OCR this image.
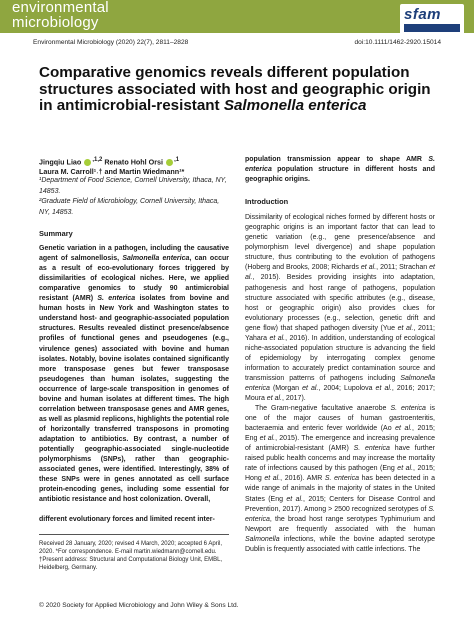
environmental
microbiology	sfam
Environmental Microbiology (2020) 22(7), 2811–2828	doi:10.1111/1462-2920.15014
Comparative genomics reveals different population structures associated with host and geographic origin in antimicrobial-resistant Salmonella enterica
Jingqiu Liao $^{,1,2}$ Renato Hohl Orsi $^{,1}$
Laura M. Carroll¹˒† and Martin Wiedmann¹*
¹Department of Food Science, Cornell University, Ithaca, NY, 14853.
²Graduate Field of Microbiology, Cornell University, Ithaca, NY, 14853.

Summary

Genetic variation in a pathogen, including the causative agent of salmonellosis, Salmonella enterica, can occur as a result of eco-evolutionary forces triggered by dissimilarities of ecological niches. Here, we applied comparative genomics to study 90 antimicrobial resistant (AMR) S. enterica isolates from bovine and human hosts in New York and Washington states to understand host- and geographic-associated population structures. Results revealed distinct presence/absence profiles of functional genes and pseudogenes (e.g., virulence genes) associated with bovine and human isolates. Notably, bovine isolates contained significantly more transposase genes but fewer transposase pseudogenes than human isolates, suggesting the occurrence of large-scale transposition in genomes of bovine and human isolates at different times. The high correlation between transposase genes and AMR genes, as well as plasmid replicons, highlights the potential role of horizontally transferred transposons in promoting adaptation to antibiotics. By contrast, a number of potentially geographic-associated single-nucleotide polymorphisms (SNPs), rather than geographic-associated genes, were identified. Interestingly, 38% of these SNPs were in genes annotated as cell surface protein-encoding genes, including some essential for antibiotic resistance and host colonization. Overall,

different evolutionary forces and limited recent inter-
Received 28 January, 2020; revised 4 March, 2020; accepted 6 April, 2020. *For correspondence. E-mail martin.wiedmann@cornell.edu. †Present address: Structural and Computational Biology Unit, EMBL, Heidelberg, Germany.
© 2020 Society for Applied Microbiology and John Wiley & Sons Ltd.

population transmission appear to shape AMR S. enterica population structure in different hosts and geographic origins.

Introduction

Dissimilarity of ecological niches formed by different hosts or geographic origins is an important factor that can lead to genetic variation (e.g., gene presence/absence and polymorphism level divergence) and shape population structure, thus contributing to the evolution of pathogens (Hoberg and Brooks, 2008; Richards et al., 2011; Strachan et al., 2015). Besides providing insights into adaptation, pathogenesis and host range of pathogens, population structure associated with specific attributes (e.g., disease, host or geographic origin) also provides clues for evolutionary processes (e.g., selection, genetic drift and gene flow) that shaped pathogen diversity (Yue et al., 2011; Yahara et al., 2016). In addition, understanding of ecological niche-associated population structure is advancing the field of epidemiology by interrogating complex genome information to accurately predict contamination source and transmission patterns of pathogens including Salmonella enterica (Morgan et al., 2004; Lupolova et al., 2016; 2017; Moura et al., 2017).

The Gram-negative facultative anaerobe S. enterica is one of the major causes of human gastroenteritis, bacteraemia and enteric fever worldwide (Ao et al., 2015; Eng et al., 2015). The emergence and increasing prevalence of antimicrobial-resistant (AMR) S. enterica have further raised public health concerns and may increase the mortality rate of infections caused by this pathogen (Eng et al., 2015; Hong et al., 2016). AMR S. enterica has been detected in a wide range of animals in the majority of states in the United States (Eng et al., 2015; Centers for Disease Control and Prevention, 2017). Among > 2500 recognized serotypes of S. enterica, the broad host range serotypes Typhimurium and Newport are frequently associated with the human Salmonella infections, while the bovine adapted serotype Dublin is frequently associated with cattle infections. The
